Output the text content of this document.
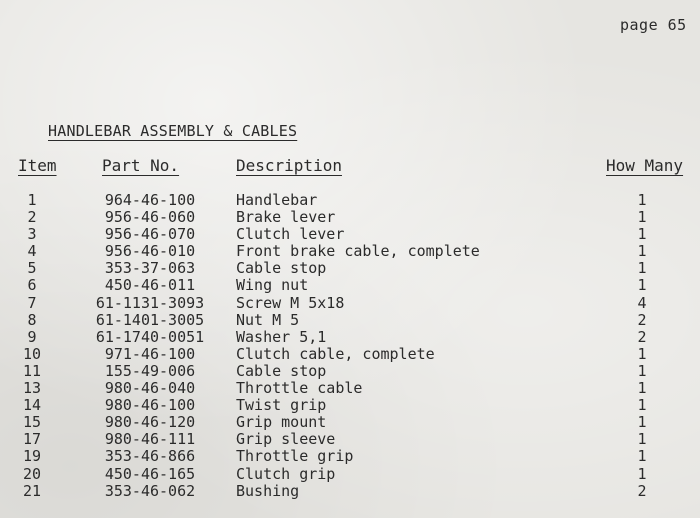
page 65
HANDLEBAR ASSEMBLY & CABLES
Item	Part No.	Description	How Many
1	964-46-100	Handlebar	1
2	956-46-060	Brake lever	1
3	956-46-070	Clutch lever	1
4	956-46-010	Front brake cable, complete	1
5	353-37-063	Cable stop	1
6	450-46-011	Wing nut	1
7	61-1131-3093	Screw M 5x18	4
8	61-1401-3005	Nut M 5	2
9	61-1740-0051	Washer 5,1	2
10	971-46-100	Clutch cable, complete	1
11	155-49-006	Cable stop	1
13	980-46-040	Throttle cable	1
14	980-46-100	Twist grip	1
15	980-46-120	Grip mount	1
17	980-46-111	Grip sleeve	1
19	353-46-866	Throttle grip	1
20	450-46-165	Clutch grip	1
21	353-46-062	Bushing	2
